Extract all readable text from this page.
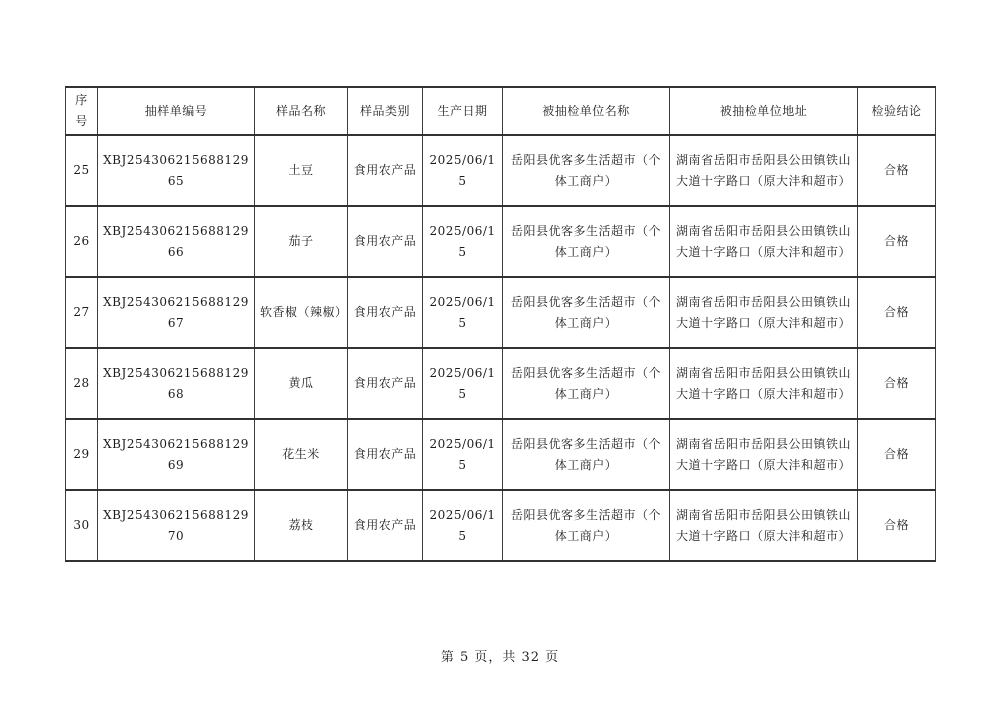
序号	抽样单编号	样品名称	样品类别	生产日期	被抽检单位名称	被抽检单位地址	检验结论
25	XBJ25430621568812965	土豆	食用农产品	2025/06/15	岳阳县优客多生活超市（个体工商户）	湖南省岳阳市岳阳县公田镇铁山大道十字路口（原大沣和超市）	合格
26	XBJ25430621568812966	茄子	食用农产品	2025/06/15	岳阳县优客多生活超市（个体工商户）	湖南省岳阳市岳阳县公田镇铁山大道十字路口（原大沣和超市）	合格
27	XBJ25430621568812967	软香椒（辣椒）	食用农产品	2025/06/15	岳阳县优客多生活超市（个体工商户）	湖南省岳阳市岳阳县公田镇铁山大道十字路口（原大沣和超市）	合格
28	XBJ25430621568812968	黄瓜	食用农产品	2025/06/15	岳阳县优客多生活超市（个体工商户）	湖南省岳阳市岳阳县公田镇铁山大道十字路口（原大沣和超市）	合格
29	XBJ25430621568812969	花生米	食用农产品	2025/06/15	岳阳县优客多生活超市（个体工商户）	湖南省岳阳市岳阳县公田镇铁山大道十字路口（原大沣和超市）	合格
30	XBJ25430621568812970	荔枝	食用农产品	2025/06/15	岳阳县优客多生活超市（个体工商户）	湖南省岳阳市岳阳县公田镇铁山大道十字路口（原大沣和超市）	合格
第 5 页，共 32 页
